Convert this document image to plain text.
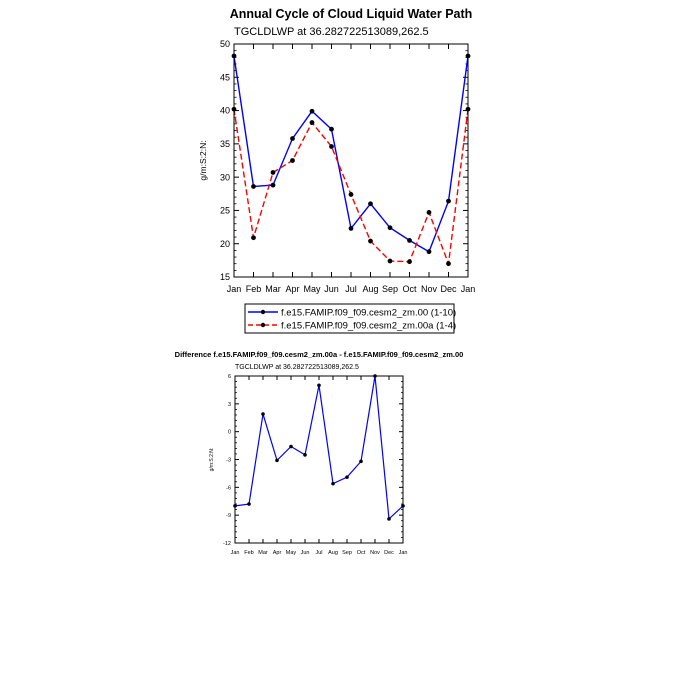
Annual Cycle of Cloud Liquid Water Path
TGCLDLWP at 36.282722513089,262.5
g/m:S:2:N:
15
20
25
30
35
40
45
50
Jan Feb Mar Apr May Jun Jul Aug Sep Oct Nov Dec Jan
f.e15.FAMIP.f09_f09.cesm2_zm.00 (1-10)
f.e15.FAMIP.f09_f09.cesm2_zm.00a (1-4)
Difference f.e15.FAMIP.f09_f09.cesm2_zm.00a - f.e15.FAMIP.f09_f09.cesm2_zm.00
TGCLDLWP at 36.282722513089,262.5
g/m:S:2:N:
-12
-9
-6
-3
0
3
6
Jan Feb Mar Apr May Jun Jul Aug Sep Oct Nov Dec Jan
